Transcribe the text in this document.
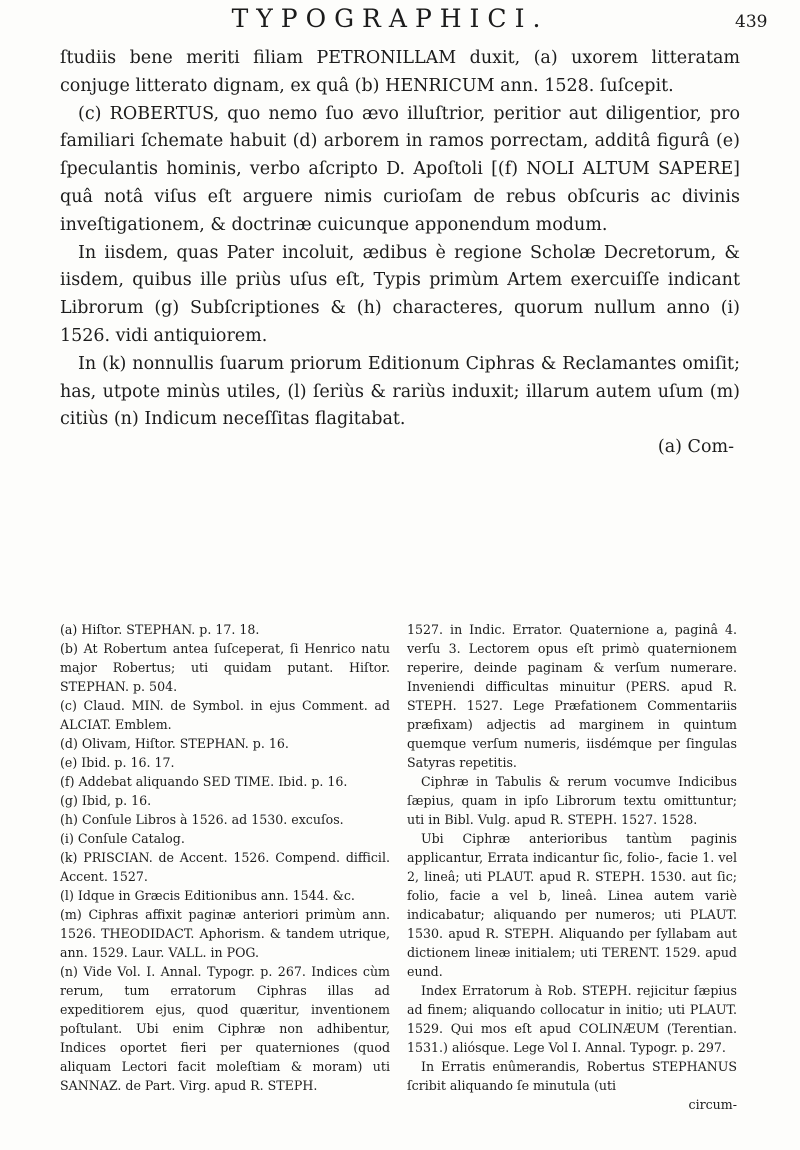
TYPOGRAPHICI.	439

ſtudiis bene meriti filiam PETRONILLAM duxit, (a) uxorem litteratam conjuge litterato dignam, ex quâ (b) HENRICUM ann. 1528. ſuſcepit.

(c) ROBERTUS, quo nemo ſuo ævo illuſtrior, peritior aut diligentior, pro familiari ſchemate habuit (d) arborem in ramos porrectam, additâ figurâ (e) ſpeculantis hominis, verbo aſcripto D. Apoſtoli [(f) NOLI ALTUM SAPERE] quâ notâ viſus eſt arguere nimis curioſam de rebus obſcuris ac divinis inveſtigationem, & doctrinæ cuicunque apponendum modum.

In iisdem, quas Pater incoluit, ædibus è regione Scholæ Decretorum, & iisdem, quibus ille priùs uſus eſt, Typis primùm Artem exercuiſſe indicant Librorum (g) Subſcriptiones & (h) characteres, quorum nullum anno (i) 1526. vidi antiquiorem.

In (k) nonnullis ſuarum priorum Editionum Ciphras & Reclamantes omiſit; has, utpote minùs utiles, (l) ſeriùs & rariùs induxit; illarum autem uſum (m) citiùs (n) Indicum neceſſitas flagitabat.

(a) Com-

(a) Hiſtor. STEPHAN. p. 17. 18.

(b) At Robertum antea ſuſceperat, ſi Henrico natu major Robertus; uti quidam putant. Hiſtor. STEPHAN. p. 504.

(c) Claud. MIN. de Symbol. in ejus Comment. ad ALCIAT. Emblem.

(d) Olivam, Hiſtor. STEPHAN. p. 16.

(e) Ibid. p. 16. 17.

(f) Addebat aliquando SED TIME. Ibid. p. 16.

(g) Ibid, p. 16.

(h) Conſule Libros à 1526. ad 1530. excuſos.

(i) Conſule Catalog.

(k) PRISCIAN. de Accent. 1526. Compend. difficil. Accent. 1527.

(l) Idque in Græcis Editionibus ann. 1544. &c.

(m) Ciphras affixit paginæ anteriori primùm ann. 1526. THEODIDACT. Aphorism. & tandem utrique, ann. 1529. Laur. VALL. in POG.

(n) Vide Vol. I. Annal. Typogr. p. 267. Indices cùm rerum, tum erratorum Ciphras illas ad expeditiorem ejus, quod quæritur, inventionem poſtulant. Ubi enim Ciphræ non adhibentur, Indices oportet fieri per quaterniones (quod aliquam Lectori facit moleſtiam & moram) uti SANNAZ. de Part. Virg. apud R. STEPH.

1527. in Indic. Errator. Quaternione a, paginâ 4. verſu 3. Lectorem opus eſt primò quaternionem reperire, deinde paginam & verſum numerare. Inveniendi difficultas minuitur (PERS. apud R. STEPH. 1527. Lege Præfationem Commentariis præfixam) adjectis ad marginem in quintum quemque verſum numeris, iisdémque per ſingulas Satyras repetitis.

Ciphræ in Tabulis & rerum vocumve Indicibus ſæpius, quam in ipſo Librorum textu omittuntur; uti in Bibl. Vulg. apud R. STEPH. 1527. 1528.

Ubi Ciphræ anterioribus tantùm paginis applicantur, Errata indicantur ſic, folio-, facie 1. vel 2, lineâ; uti PLAUT. apud R. STEPH. 1530. aut ſic; folio, facie a vel b, lineâ. Linea autem variè indicabatur; aliquando per numeros; uti PLAUT. 1530. apud R. STEPH. Aliquando per ſyllabam aut dictionem lineæ initialem; uti TERENT. 1529. apud eund.

Index Erratorum à Rob. STEPH. rejicitur ſæpius ad finem; aliquando collocatur in initio; uti PLAUT. 1529. Qui mos eſt apud COLINÆUM (Terentian. 1531.) aliósque. Lege Vol I. Annal. Typogr. p. 297.

In Erratis enûmerandis, Robertus STEPHANUS ſcribit aliquando ſe minutula (uti

circum-
